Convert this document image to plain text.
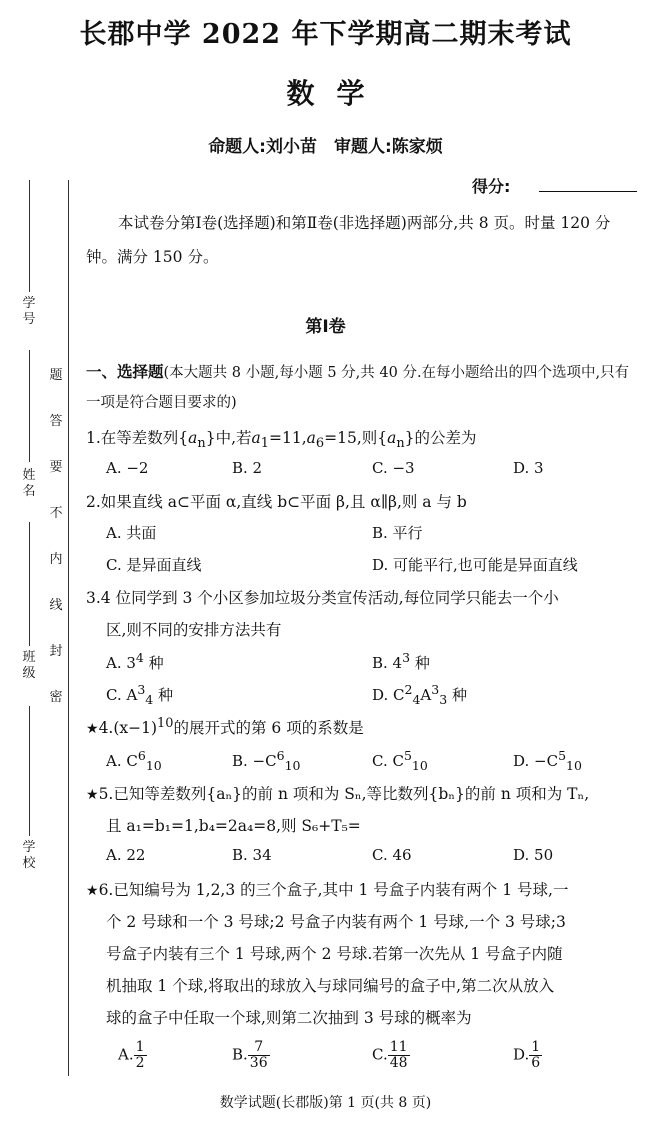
长郡中学 2022 年下学期高二期末考试
数学
命题人:刘小苗　审题人:陈家烦
得分:
本试卷分第Ⅰ卷(选择题)和第Ⅱ卷(非选择题)两部分,共 8 页。时量 120 分钟。满分 150 分。
第Ⅰ卷
一、选择题(本大题共 8 小题,每小题 5 分,共 40 分.在每小题给出的四个选项中,只有一项是符合题目要求的)
题
答
要
不
内
线
封
密
学号
姓名
班级
学校
1.在等差数列$\{a_n\}$中,若$a_1=11,a_6=15$,则$\{a_n\}$的公差为
A. −2	B. 2	C. −3	D. 3
2.如果直线 a⊂平面 α,直线 b⊂平面 β,且 α∥β,则 a 与 b
A. 共面	B. 平行
C. 是异面直线	D. 可能平行,也可能是异面直线
3.4 位同学到 3 个小区参加垃圾分类宣传活动,每位同学只能去一个小
区,则不同的安排方法共有
A. $3^4$ 种	B. $4^3$ 种
C. $A^3_4$ 种	D. $C^2_4A^3_3$ 种
$★4.(x-1)^{10}$的展开式的第 6 项的系数是
A. $C^6_{10}$	B. $-C^6_{10}$	C. $C^5_{10}$	D. $-C^5_{10}$
★5.已知等差数列{aₙ}的前 n 项和为 Sₙ,等比数列{bₙ}的前 n 项和为 Tₙ,
且 a₁=b₁=1,b₄=2a₄=8,则 S₆+T₅=
A. 22	B. 34	C. 46	D. 50
★6.已知编号为 1,2,3 的三个盒子,其中 1 号盒子内装有两个 1 号球,一
个 2 号球和一个 3 号球;2 号盒子内装有两个 1 号球,一个 3 号球;3
号盒子内装有三个 1 号球,两个 2 号球.若第一次先从 1 号盒子内随
机抽取 1 个球,将取出的球放入与球同编号的盒子中,第二次从放入
球的盒子中任取一个球,则第二次抽到 3 号球的概率为
A. $\frac{1}{2}$	B. $\frac{7}{36}$	C. $\frac{11}{48}$	D. $\frac{1}{6}$
数学试题(长郡版)第 1 页(共 8 页)
